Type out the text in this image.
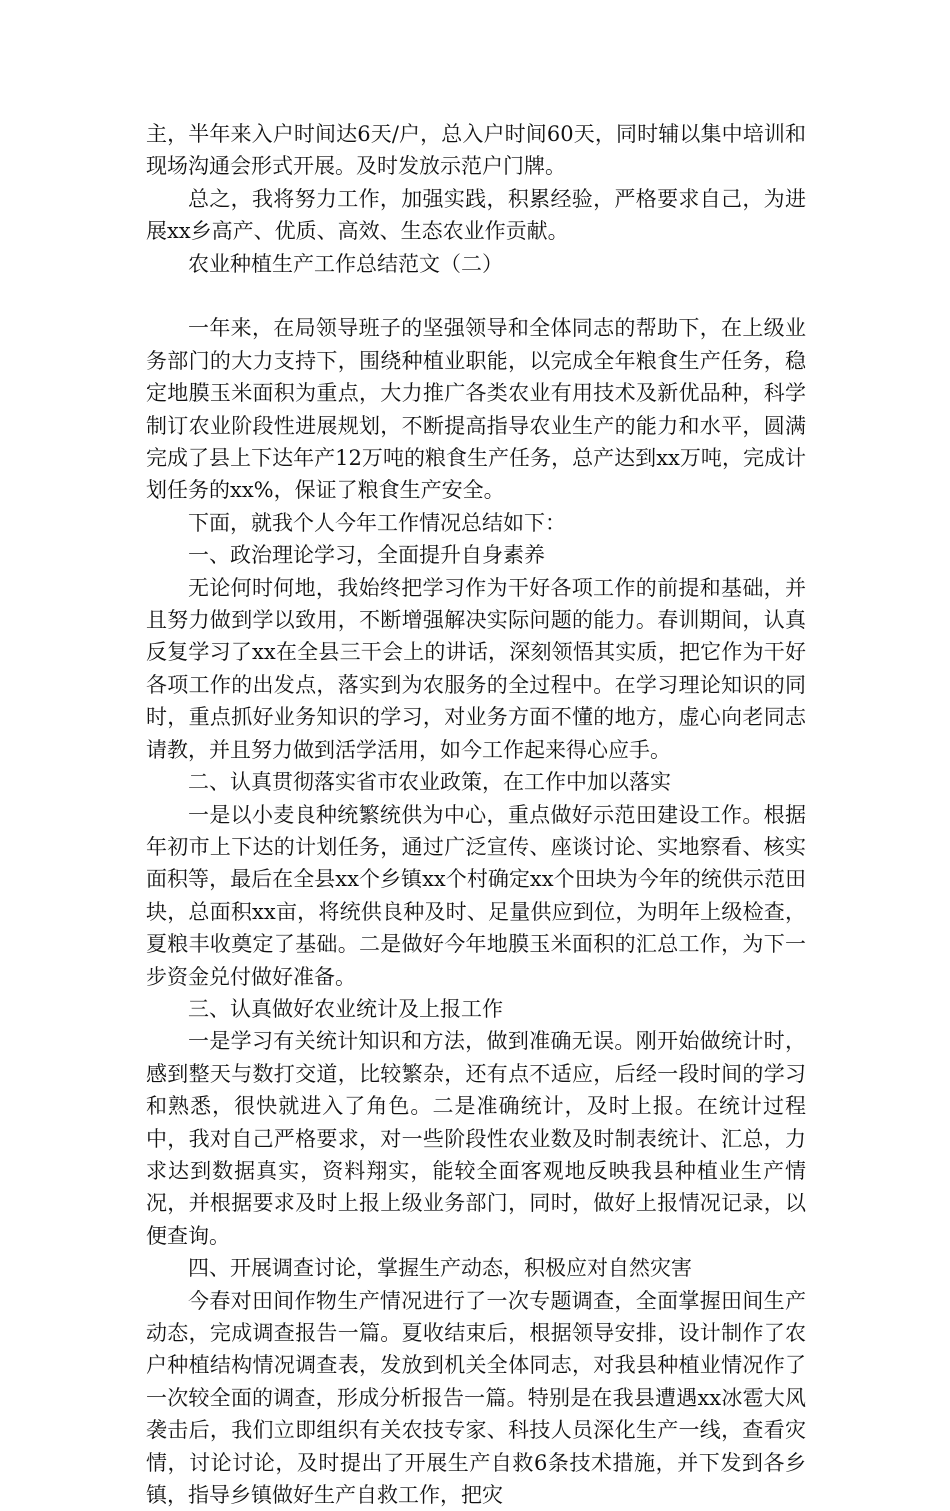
主，半年来入户时间达6天/户，总入户时间60天，同时辅以集中培训和现场沟通会形式开展。及时发放示范户门牌。

总之，我将努力工作，加强实践，积累经验，严格要求自己，为进展xx乡高产、优质、高效、生态农业作贡献。

农业种植生产工作总结范文（二）

一年来，在局领导班子的坚强领导和全体同志的帮助下，在上级业务部门的大力支持下，围绕种植业职能，以完成全年粮食生产任务，稳定地膜玉米面积为重点，大力推广各类农业有用技术及新优品种，科学制订农业阶段性进展规划，不断提高指导农业生产的能力和水平，圆满完成了县上下达年产12万吨的粮食生产任务，总产达到xx万吨，完成计划任务的xx%，保证了粮食生产安全。

下面，就我个人今年工作情况总结如下：

一、政治理论学习，全面提升自身素养

无论何时何地，我始终把学习作为干好各项工作的前提和基础，并且努力做到学以致用，不断增强解决实际问题的能力。春训期间，认真反复学习了xx在全县三干会上的讲话，深刻领悟其实质，把它作为干好各项工作的出发点，落实到为农服务的全过程中。在学习理论知识的同时，重点抓好业务知识的学习，对业务方面不懂的地方，虚心向老同志请教，并且努力做到活学活用，如今工作起来得心应手。

二、认真贯彻落实省市农业政策，在工作中加以落实

一是以小麦良种统繁统供为中心，重点做好示范田建设工作。根据年初市上下达的计划任务，通过广泛宣传、座谈讨论、实地察看、核实面积等，最后在全县xx个乡镇xx个村确定xx个田块为今年的统供示范田块，总面积xx亩，将统供良种及时、足量供应到位，为明年上级检查，夏粮丰收奠定了基础。二是做好今年地膜玉米面积的汇总工作，为下一步资金兑付做好准备。

三、认真做好农业统计及上报工作

一是学习有关统计知识和方法，做到准确无误。刚开始做统计时，感到整天与数打交道，比较繁杂，还有点不适应，后经一段时间的学习和熟悉，很快就进入了角色。二是准确统计，及时上报。在统计过程中，我对自己严格要求，对一些阶段性农业数及时制表统计、汇总，力求达到数据真实，资料翔实，能较全面客观地反映我县种植业生产情况，并根据要求及时上报上级业务部门，同时，做好上报情况记录，以便查询。

四、开展调查讨论，掌握生产动态，积极应对自然灾害

今春对田间作物生产情况进行了一次专题调查，全面掌握田间生产动态，完成调查报告一篇。夏收结束后，根据领导安排，设计制作了农户种植结构情况调查表，发放到机关全体同志，对我县种植业情况作了一次较全面的调查，形成分析报告一篇。特别是在我县遭遇xx冰雹大风袭击后，我们立即组织有关农技专家、科技人员深化生产一线，查看灾情，讨论讨论，及时提出了开展生产自救6条技术措施，并下发到各乡镇，指导乡镇做好生产自救工作，把灾
